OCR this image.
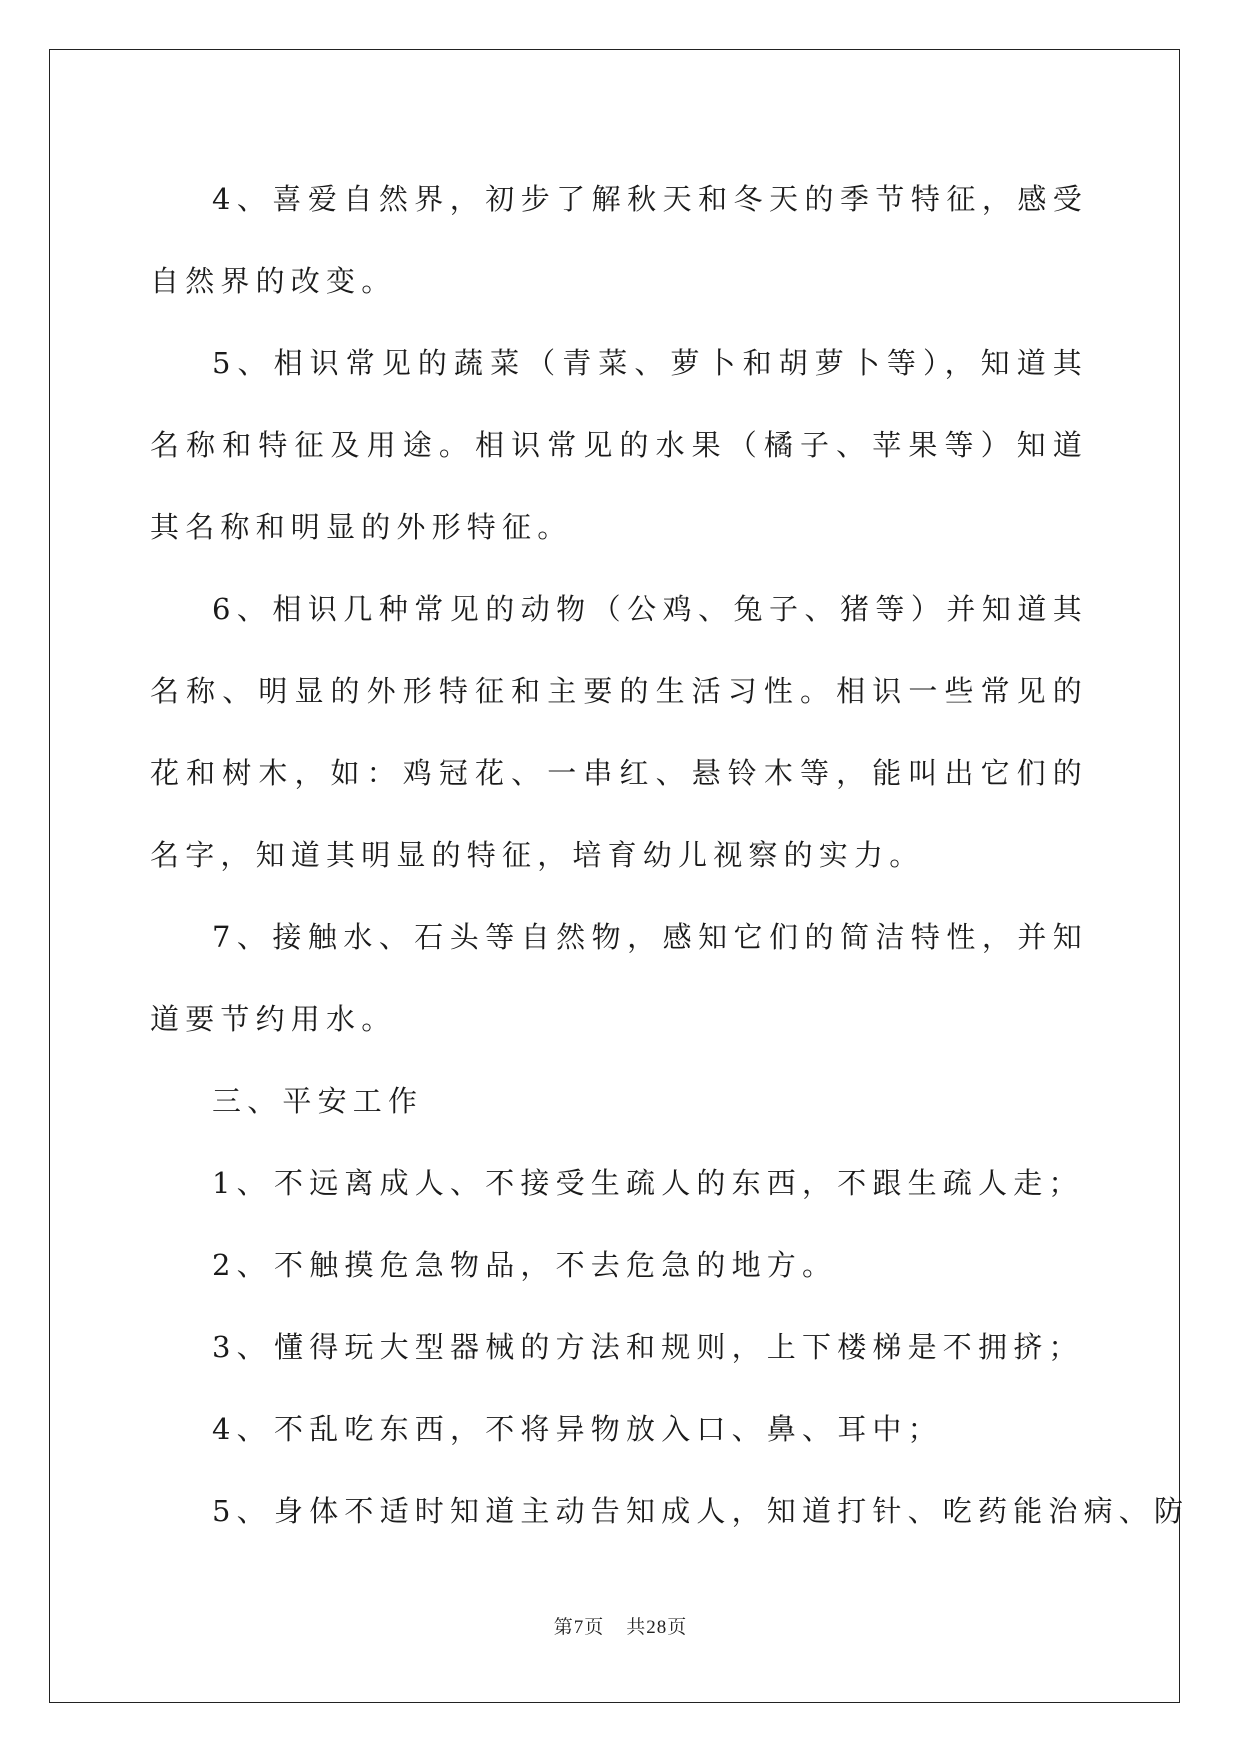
4、喜爱自然界，初步了解秋天和冬天的季节特征，感受自然界的改变。

5、相识常见的蔬菜（青菜、萝卜和胡萝卜等），知道其名称和特征及用途。相识常见的水果（橘子、苹果等）知道其名称和明显的外形特征。

6、相识几种常见的动物（公鸡、兔子、猪等）并知道其名称、明显的外形特征和主要的生活习性。相识一些常见的花和树木，如：鸡冠花、一串红、悬铃木等，能叫出它们的名字，知道其明显的特征，培育幼儿视察的实力。

7、接触水、石头等自然物，感知它们的简洁特性，并知道要节约用水。

三、平安工作

1、不远离成人、不接受生疏人的东西，不跟生疏人走；
2、不触摸危急物品，不去危急的地方。
3、懂得玩大型器械的方法和规则，上下楼梯是不拥挤；
4、不乱吃东西，不将异物放入口、鼻、耳中；
5、身体不适时知道主动告知成人，知道打针、吃药能治病、防
第7页 共28页
